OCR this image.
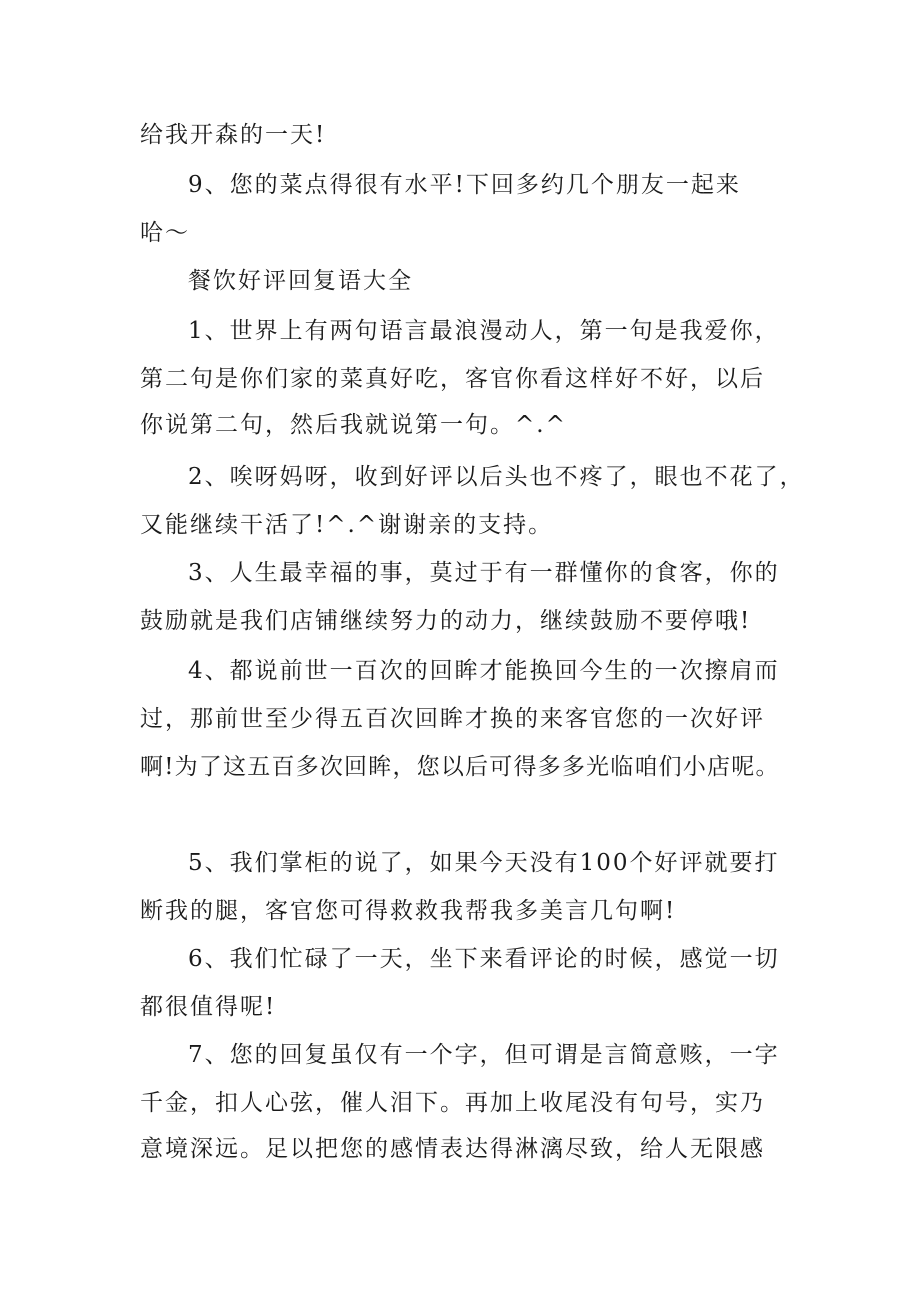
给我开森的一天!
9、您的菜点得很有水平!下回多约几个朋友一起来
哈～
餐饮好评回复语大全
1、世界上有两句语言最浪漫动人，第一句是我爱你，
第二句是你们家的菜真好吃，客官你看这样好不好，以后
你说第二句，然后我就说第一句。^.^
2、唉呀妈呀，收到好评以后头也不疼了，眼也不花了，
又能继续干活了!^.^谢谢亲的支持。
3、人生最幸福的事，莫过于有一群懂你的食客，你的
鼓励就是我们店铺继续努力的动力，继续鼓励不要停哦!
4、都说前世一百次的回眸才能换回今生的一次擦肩而
过，那前世至少得五百次回眸才换的来客官您的一次好评
啊!为了这五百多次回眸，您以后可得多多光临咱们小店呢。
5、我们掌柜的说了，如果今天没有100个好评就要打
断我的腿，客官您可得救救我帮我多美言几句啊!
6、我们忙碌了一天，坐下来看评论的时候，感觉一切
都很值得呢!
7、您的回复虽仅有一个字，但可谓是言简意赅，一字
千金，扣人心弦，催人泪下。再加上收尾没有句号，实乃
意境深远。足以把您的感情表达得淋漓尽致，给人无限感
